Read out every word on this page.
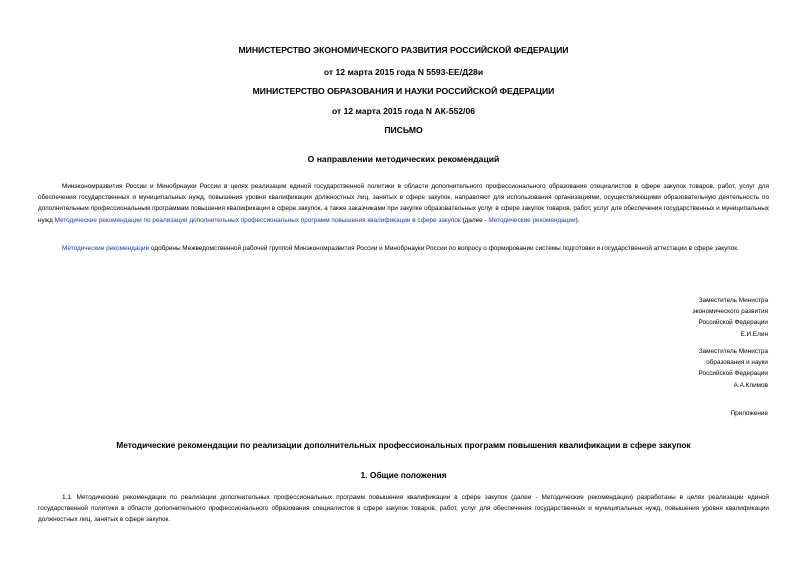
МИНИСТЕРСТВО ЭКОНОМИЧЕСКОГО РАЗВИТИЯ РОССИЙСКОЙ ФЕДЕРАЦИИ
от 12 марта 2015 года N 5593-ЕЕ/Д28и
МИНИСТЕРСТВО ОБРАЗОВАНИЯ И НАУКИ РОССИЙСКОЙ ФЕДЕРАЦИИ
от 12 марта 2015 года N АК-552/06
ПИСЬМО
О направлении методических рекомендаций
Минэкономразвития России и Минобрнауки России в целях реализации единой государственной политики в области дополнительного профессионального образования специалистов в сфере закупок товаров, работ, услуг для обеспечения государственных и муниципальных нужд, повышения уровня квалификации должностных лиц, занятых в сфере закупок, направляют для использования организациями, осуществляющими образовательную деятельность по дополнительным профессиональным программам повышения квалификации в сфере закупок, а также заказчиками при закупке образовательных услуг в сфере закупок товаров, работ, услуг для обеспечения государственных и муниципальных нужд Методические рекомендации по реализации дополнительных профессиональных программ повышения квалификации в сфере закупок (далее - Методические рекомендации).
Методические рекомендации одобрены Межведомственной рабочей группой Минэкономразвития России и Минобрнауки России по вопросу о формировании системы подготовки и государственной аттестации в сфере закупок.
Заместитель Министра
экономического развития
Российской Федерации
Е.И.Елин
Заместитель Министра
образования и науки
Российской Федерации
А.А.Климов
Приложение
Методические рекомендации по реализации дополнительных профессиональных программ повышения квалификации в сфере закупок
1. Общие положения
1.1. Методические рекомендации по реализации дополнительных профессиональных программ повышения квалификации в сфере закупок (далее - Методические рекомендации) разработаны в целях реализации единой государственной политики в области дополнительного профессионального образования специалистов в сфере закупок товаров, работ, услуг для обеспечения государственных и муниципальных нужд, повышения уровня квалификации должностных лиц, занятых в сфере закупок.
